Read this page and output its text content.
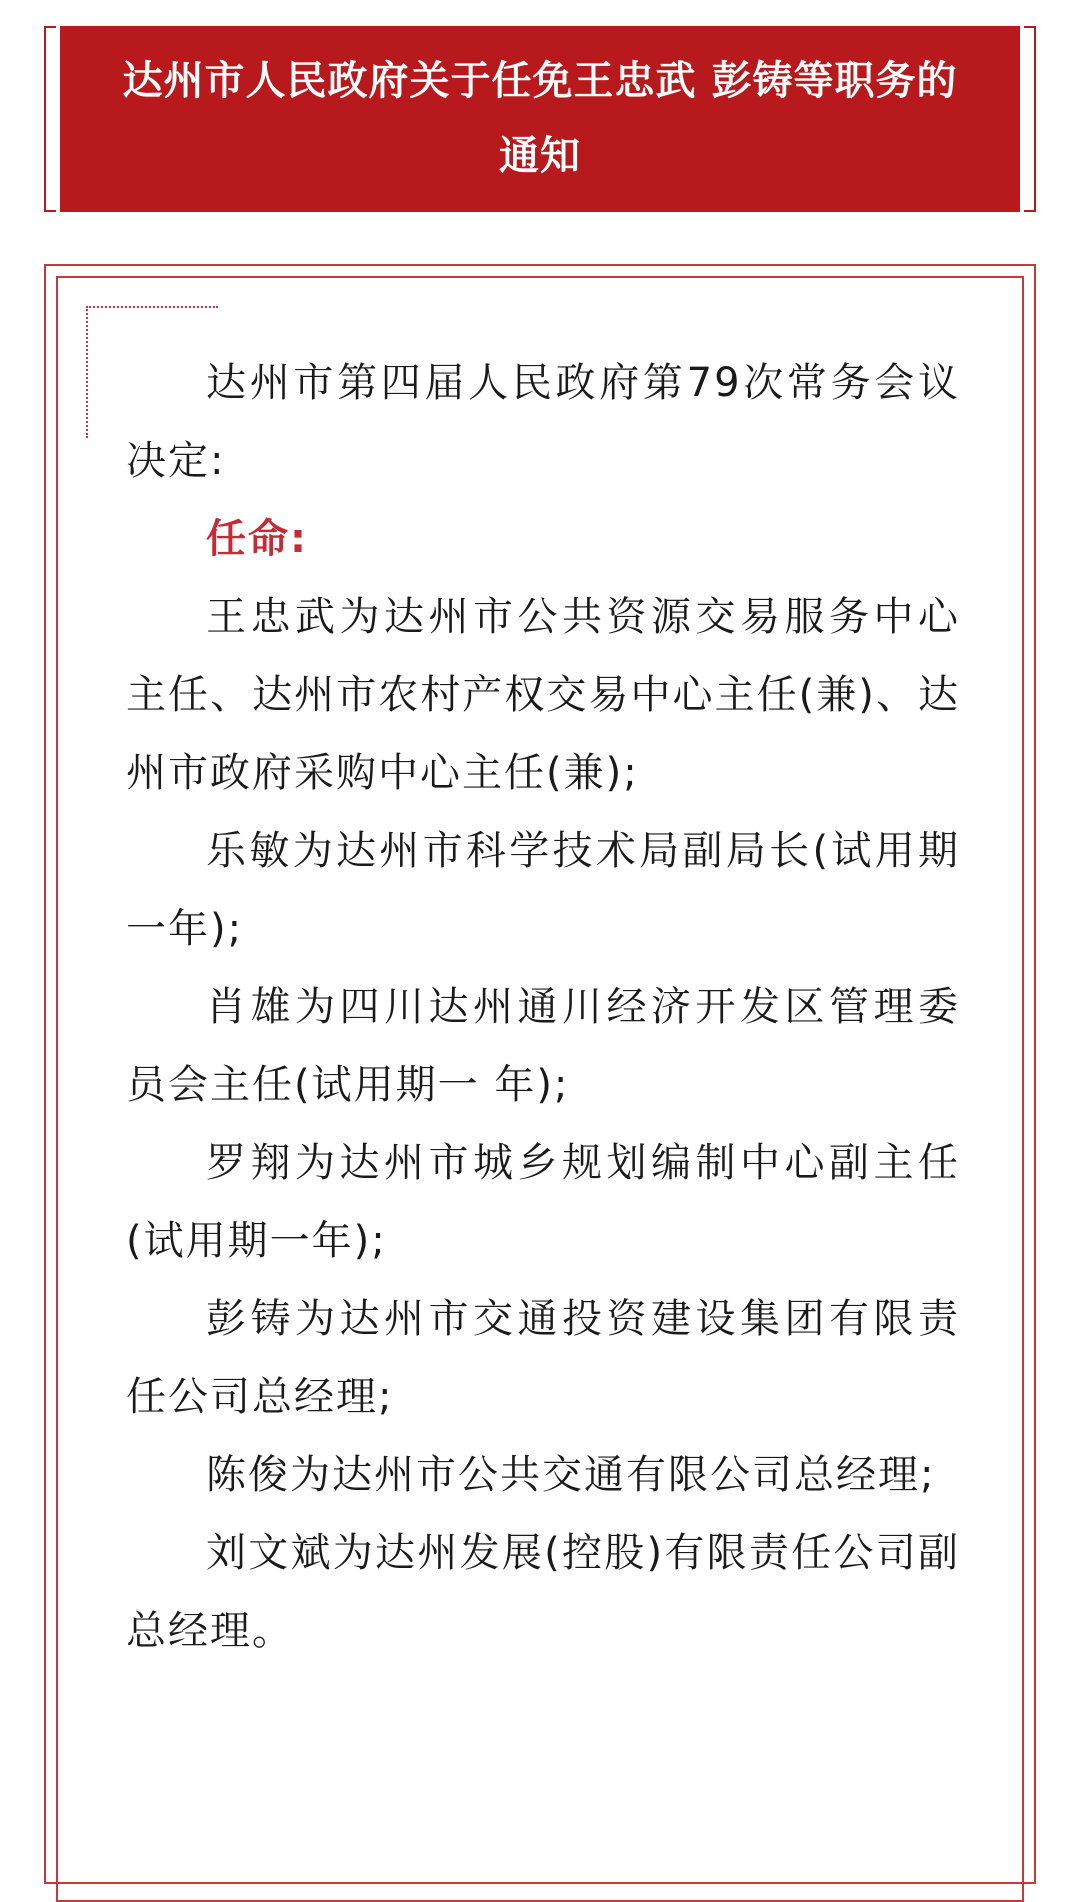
达州市人民政府关于任免王忠武 彭铸等职务的
通知

达州市第四届人民政府第79次常务会议决定:

任命:

王忠武为达州市公共资源交易服务中心主任、达州市农村产权交易中心主任(兼)、达州市政府采购中心主任(兼);

乐敏为达州市科学技术局副局长(试用期一年);

肖雄为四川达州通川经济开发区管理委员会主任(试用期一 年);

罗翔为达州市城乡规划编制中心副主任(试用期一年);

彭铸为达州市交通投资建设集团有限责任公司总经理;

陈俊为达州市公共交通有限公司总经理;

刘文斌为达州发展(控股)有限责任公司副总经理。
